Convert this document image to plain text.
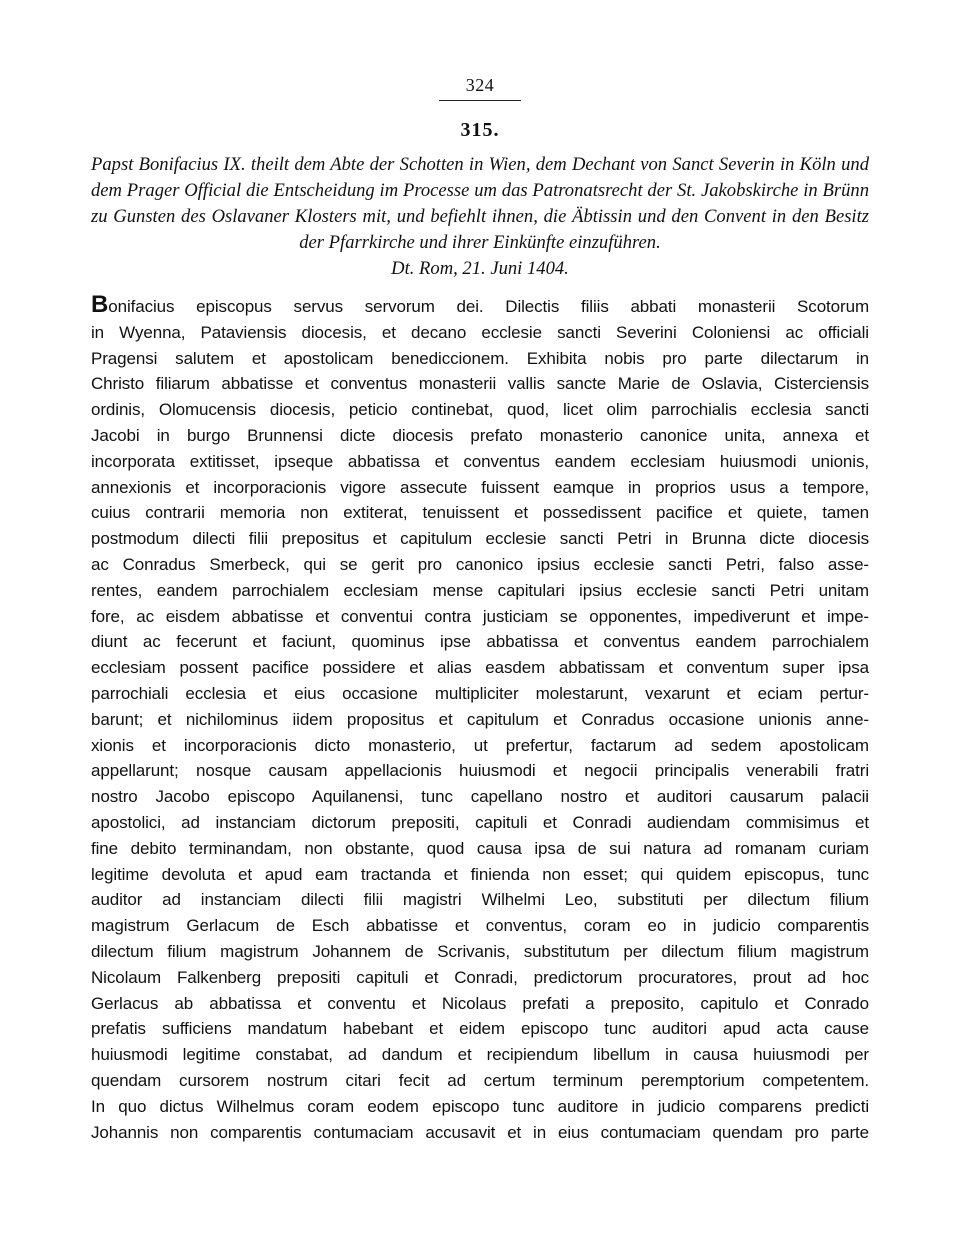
324
315.
Papst Bonifacius IX. theilt dem Abte der Schotten in Wien, dem Dechant von Sanct Severin in Köln und dem Prager Official die Entscheidung im Processe um das Patronatsrecht der St. Jakobskirche in Brünn zu Gunsten des Oslavaner Klosters mit, und befiehlt ihnen, die Äbtissin und den Convent in den Besitz der Pfarrkirche und ihrer Einkünfte einzuführen.
Dt. Rom, 21. Juni 1404.
Bonifacius episcopus servus servorum dei. Dilectis filiis abbati monasterii Scotorum
in Wyenna, Pataviensis diocesis, et decano ecclesie sancti Severini Coloniensi ac officiali
Pragensi salutem et apostolicam benediccionem. Exhibita nobis pro parte dilectarum in
Christo filiarum abbatisse et conventus monasterii vallis sancte Marie de Oslavia, Cisterciensis
ordinis, Olomucensis diocesis, peticio continebat, quod, licet olim parrochialis ecclesia sancti
Jacobi in burgo Brunnensi dicte diocesis prefato monasterio canonice unita, annexa et
incorporata extitisset, ipseque abbatissa et conventus eandem ecclesiam huiusmodi unionis,
annexionis et incorporacionis vigore assecute fuissent eamque in proprios usus a tempore,
cuius contrarii memoria non extiterat, tenuissent et possedissent pacifice et quiete, tamen
postmodum dilecti filii prepositus et capitulum ecclesie sancti Petri in Brunna dicte diocesis
ac Conradus Smerbeck, qui se gerit pro canonico ipsius ecclesie sancti Petri, falso asse-
rentes, eandem parrochialem ecclesiam mense capitulari ipsius ecclesie sancti Petri unitam
fore, ac eisdem abbatisse et conventui contra justiciam se opponentes, impediverunt et impe-
diunt ac fecerunt et faciunt, quominus ipse abbatissa et conventus eandem parrochialem
ecclesiam possent pacifice possidere et alias easdem abbatissam et conventum super ipsa
parrochiali ecclesia et eius occasione multipliciter molestarunt, vexarunt et eciam pertur-
barunt; et nichilominus iidem propositus et capitulum et Conradus occasione unionis anne-
xionis et incorporacionis dicto monasterio, ut prefertur, factarum ad sedem apostolicam
appellarunt; nosque causam appellacionis huiusmodi et negocii principalis venerabili fratri
nostro Jacobo episcopo Aquilanensi, tunc capellano nostro et auditori causarum palacii
apostolici, ad instanciam dictorum prepositi, capituli et Conradi audiendam commisimus et
fine debito terminandam, non obstante, quod causa ipsa de sui natura ad romanam curiam
legitime devoluta et apud eam tractanda et finienda non esset; qui quidem episcopus, tunc
auditor ad instanciam dilecti filii magistri Wilhelmi Leo, substituti per dilectum filium
magistrum Gerlacum de Esch abbatisse et conventus, coram eo in judicio comparentis
dilectum filium magistrum Johannem de Scrivanis, substitutum per dilectum filium magistrum
Nicolaum Falkenberg prepositi capituli et Conradi, predictorum procuratores, prout ad hoc
Gerlacus ab abbatissa et conventu et Nicolaus prefati a preposito, capitulo et Conrado
prefatis sufficiens mandatum habebant et eidem episcopo tunc auditori apud acta cause
huiusmodi legitime constabat, ad dandum et recipiendum libellum in causa huiusmodi per
quendam cursorem nostrum citari fecit ad certum terminum peremptorium competentem.
In quo dictus Wilhelmus coram eodem episcopo tunc auditore in judicio comparens predicti
Johannis non comparentis contumaciam accusavit et in eius contumaciam quendam pro parte
